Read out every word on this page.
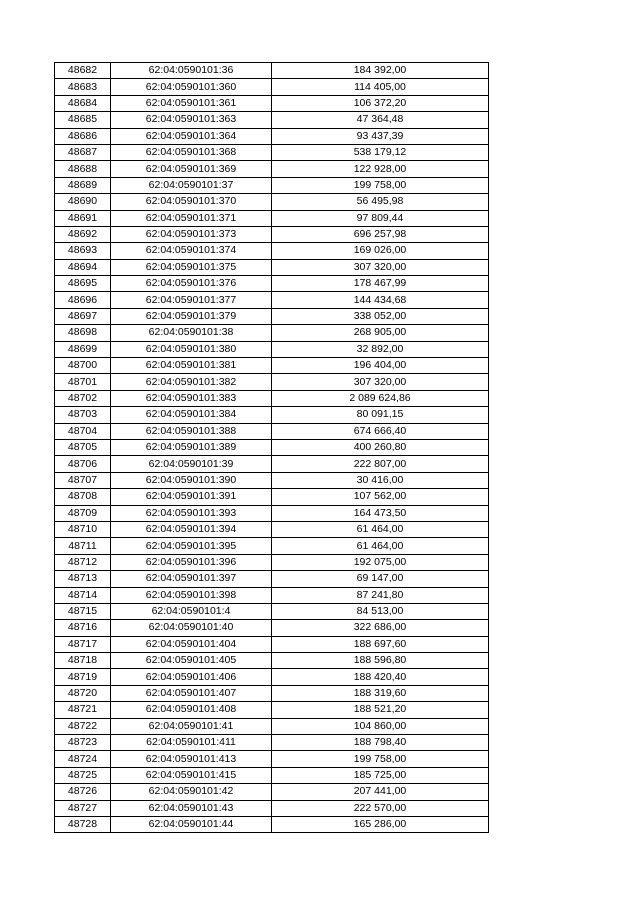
48682	62:04:0590101:36	184 392,00
48683	62:04:0590101:360	114 405,00
48684	62:04:0590101:361	106 372,20
48685	62:04:0590101:363	47 364,48
48686	62:04:0590101:364	93 437,39
48687	62:04:0590101:368	538 179,12
48688	62:04:0590101:369	122 928,00
48689	62:04:0590101:37	199 758,00
48690	62:04:0590101:370	56 495,98
48691	62:04:0590101:371	97 809,44
48692	62:04:0590101:373	696 257,98
48693	62:04:0590101:374	169 026,00
48694	62:04:0590101:375	307 320,00
48695	62:04:0590101:376	178 467,99
48696	62:04:0590101:377	144 434,68
48697	62:04:0590101:379	338 052,00
48698	62:04:0590101:38	268 905,00
48699	62:04:0590101:380	32 892,00
48700	62:04:0590101:381	196 404,00
48701	62:04:0590101:382	307 320,00
48702	62:04:0590101:383	2 089 624,86
48703	62:04:0590101:384	80 091,15
48704	62:04:0590101:388	674 666,40
48705	62:04:0590101:389	400 260,80
48706	62:04:0590101:39	222 807,00
48707	62:04:0590101:390	30 416,00
48708	62:04:0590101:391	107 562,00
48709	62:04:0590101:393	164 473,50
48710	62:04:0590101:394	61 464,00
48711	62:04:0590101:395	61 464,00
48712	62:04:0590101:396	192 075,00
48713	62:04:0590101:397	69 147,00
48714	62:04:0590101:398	87 241,80
48715	62:04:0590101:4	84 513,00
48716	62:04:0590101:40	322 686,00
48717	62:04:0590101:404	188 697,60
48718	62:04:0590101:405	188 596,80
48719	62:04:0590101:406	188 420,40
48720	62:04:0590101:407	188 319,60
48721	62:04:0590101:408	188 521,20
48722	62:04:0590101:41	104 860,00
48723	62:04:0590101:411	188 798,40
48724	62:04:0590101:413	199 758,00
48725	62:04:0590101:415	185 725,00
48726	62:04:0590101:42	207 441,00
48727	62:04:0590101:43	222 570,00
48728	62:04:0590101:44	165 286,00
